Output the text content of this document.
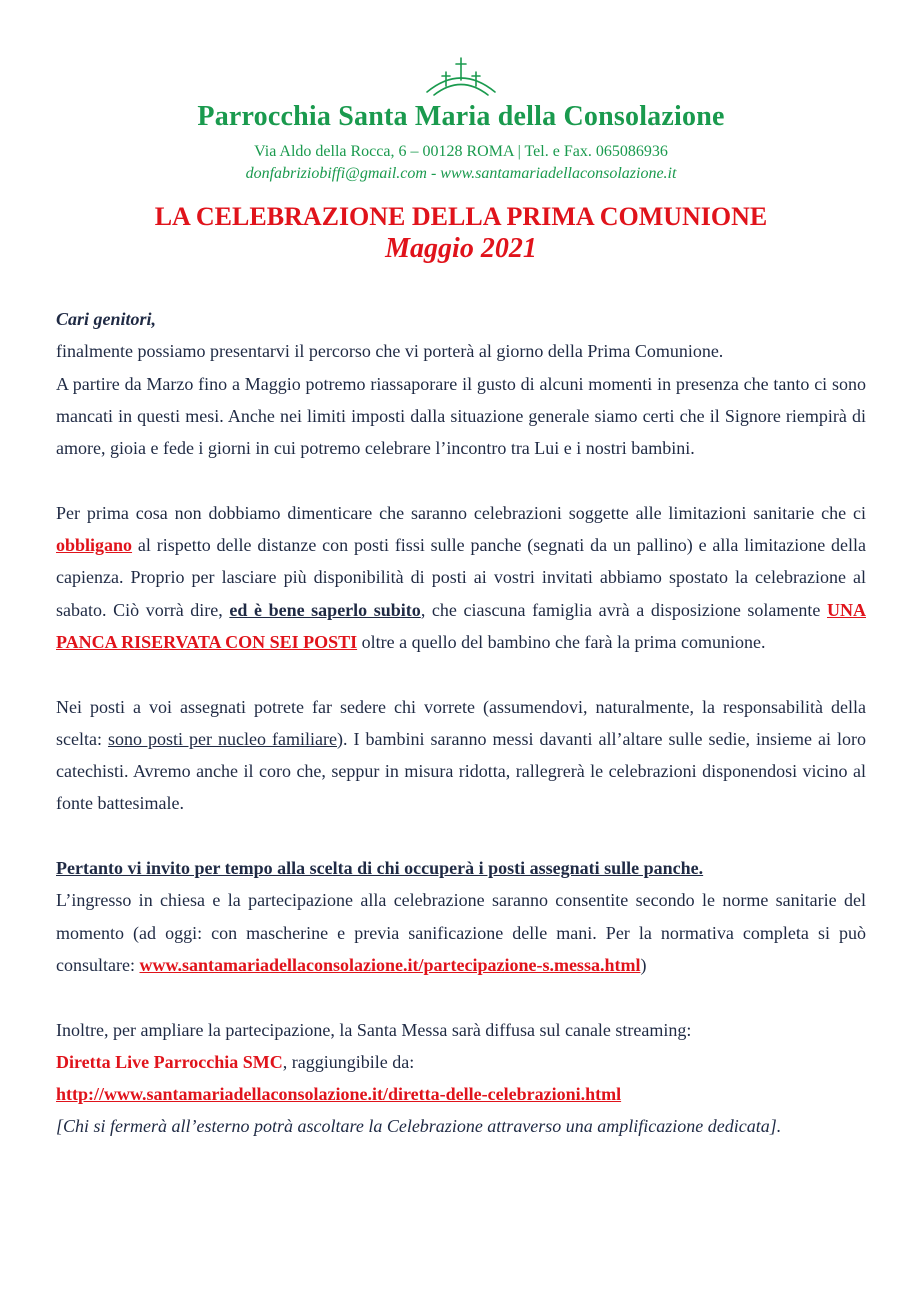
Parrocchia Santa Maria della Consolazione
Via Aldo della Rocca, 6 – 00128 ROMA | Tel. e Fax. 065086936
donfabriziobiffi@gmail.com - www.santamariadellaconsolazione.it
LA CELEBRAZIONE DELLA PRIMA COMUNIONE
Maggio 2021

Cari genitori,

finalmente possiamo presentarvi il percorso che vi porterà al giorno della Prima Comunione.

A partire da Marzo fino a Maggio potremo riassaporare il gusto di alcuni momenti in presenza che tanto ci sono mancati in questi mesi. Anche nei limiti imposti dalla situazione generale siamo certi che il Signore riempirà di amore, gioia e fede i giorni in cui potremo celebrare l’incontro tra Lui e i nostri bambini.

Per prima cosa non dobbiamo dimenticare che saranno celebrazioni soggette alle limitazioni sanitarie che ci obbligano al rispetto delle distanze con posti fissi sulle panche (segnati da un pallino) e alla limitazione della capienza. Proprio per lasciare più disponibilità di posti ai vostri invitati abbiamo spostato la celebrazione al sabato. Ciò vorrà dire, ed è bene saperlo subito, che ciascuna famiglia avrà a disposizione solamente UNA PANCA RISERVATA CON SEI POSTI oltre a quello del bambino che farà la prima comunione.

Nei posti a voi assegnati potrete far sedere chi vorrete (assumendovi, naturalmente, la responsabilità della scelta: sono posti per nucleo familiare). I bambini saranno messi davanti all’altare sulle sedie, insieme ai loro catechisti. Avremo anche il coro che, seppur in misura ridotta, rallegrerà le celebrazioni disponendosi vicino al fonte battesimale.

Pertanto vi invito per tempo alla scelta di chi occuperà i posti assegnati sulle panche.

L’ingresso in chiesa e la partecipazione alla celebrazione saranno consentite secondo le norme sanitarie del momento (ad oggi: con mascherine e previa sanificazione delle mani. Per la normativa completa si può consultare: www.santamariadellaconsolazione.it/partecipazione-s.messa.html)

Inoltre, per ampliare la partecipazione, la Santa Messa sarà diffusa sul canale streaming:

Diretta Live Parrocchia SMC, raggiungibile da:

http://www.santamariadellaconsolazione.it/diretta-delle-celebrazioni.html

[Chi si fermerà all’esterno potrà ascoltare la Celebrazione attraverso una amplificazione dedicata].
